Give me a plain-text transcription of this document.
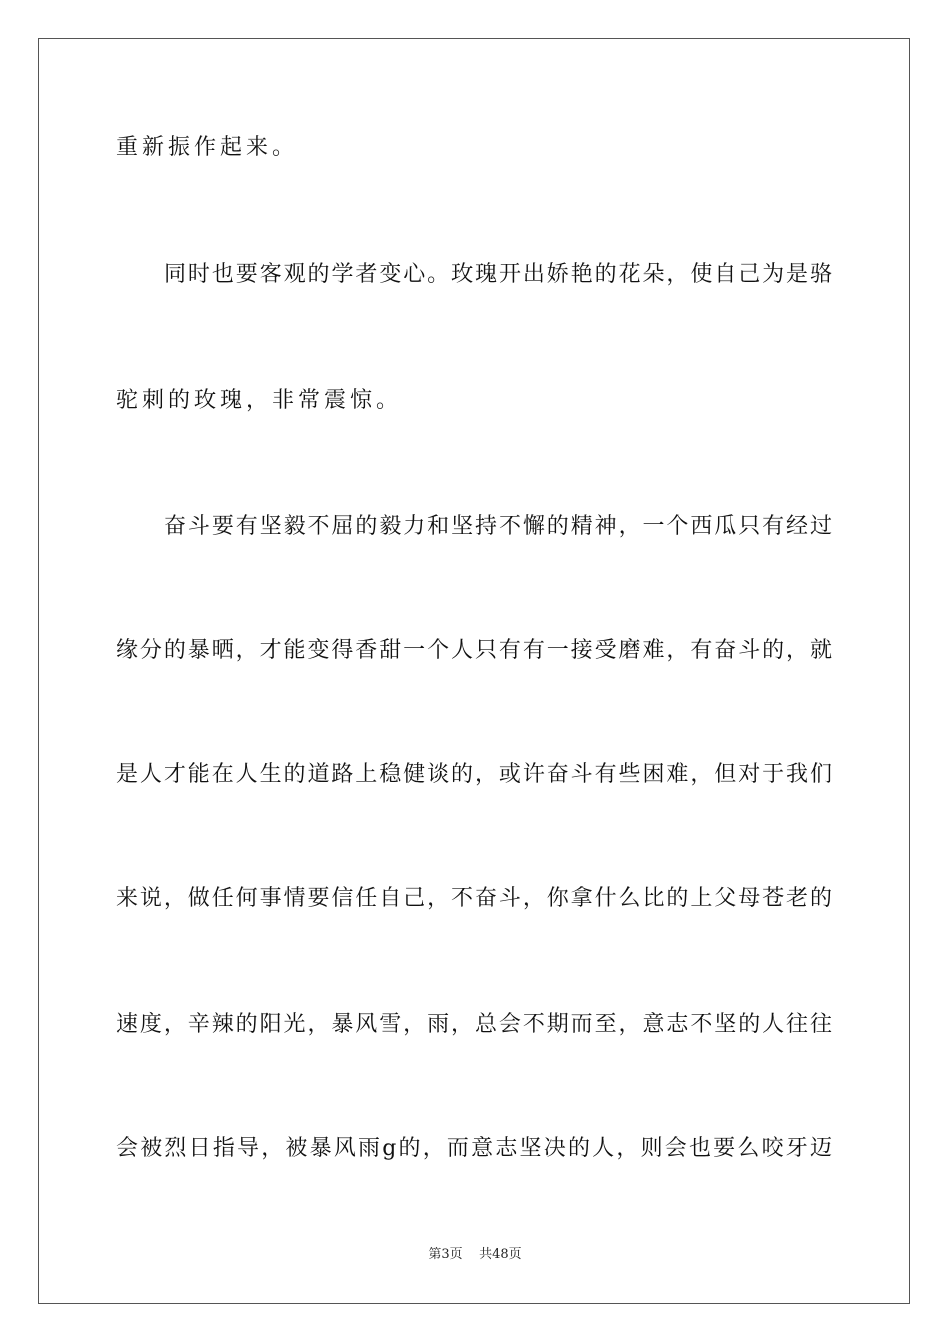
重新振作起来。
同时也要客观的学者变心。玫瑰开出娇艳的花朵，使自己为是骆
驼刺的玫瑰，非常震惊。
奋斗要有坚毅不屈的毅力和坚持不懈的精神，一个西瓜只有经过
缘分的暴晒，才能变得香甜一个人只有有一接受磨难，有奋斗的，就
是人才能在人生的道路上稳健谈的，或许奋斗有些困难，但对于我们
来说，做任何事情要信任自己，不奋斗，你拿什么比的上父母苍老的
速度，辛辣的阳光，暴风雪，雨，总会不期而至，意志不坚的人往往
会被烈日指导，被暴风雨g的，而意志坚决的人，则会也要么咬牙迈
第3页 共48页
